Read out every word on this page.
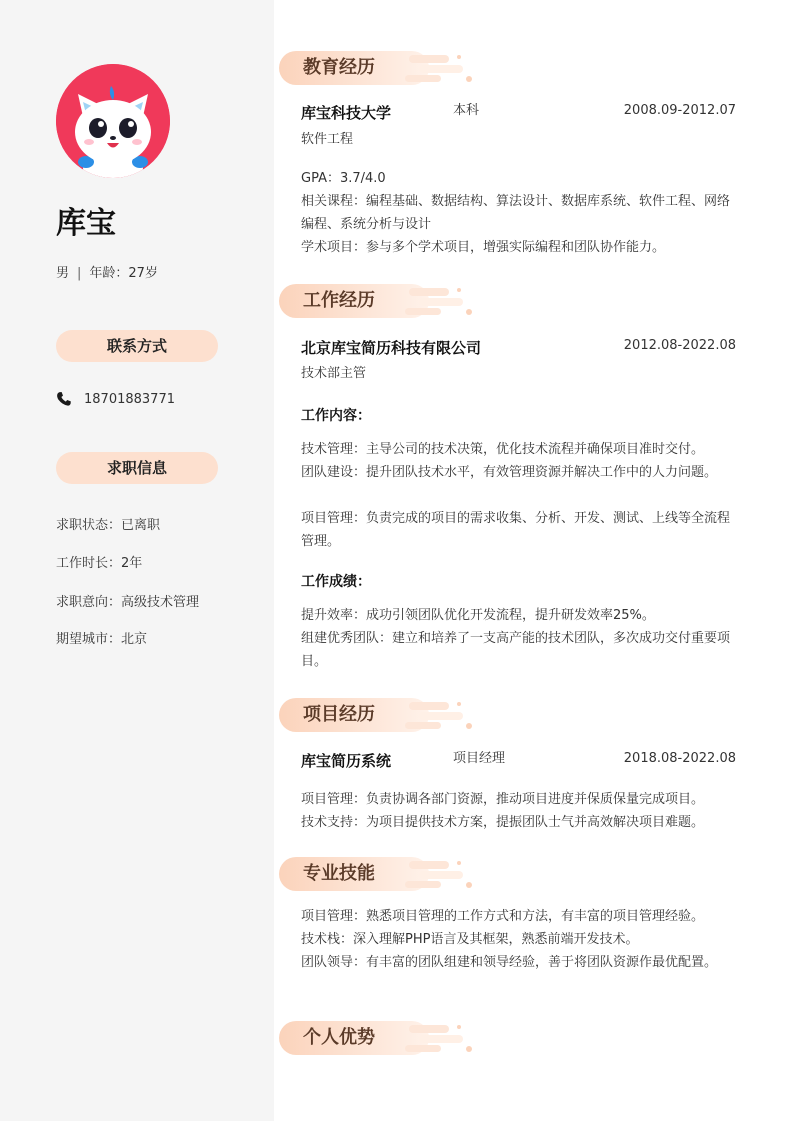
库宝
男 | 年龄：27岁
联系方式
18701883771
求职信息
求职状态：已离职
工作时长：2年
求职意向：高级技术管理
期望城市：北京
教育经历
库宝科技大学	本科	2008.09-2012.07
软件工程
GPA：3.7/4.0
相关课程：编程基础、数据结构、算法设计、数据库系统、软件工程、网络编程、系统分析与设计
学术项目：参与多个学术项目，增强实际编程和团队协作能力。
工作经历
北京库宝简历科技有限公司	2012.08-2022.08
技术部主管
工作内容：
技术管理：主导公司的技术决策，优化技术流程并确保项目准时交付。
团队建设：提升团队技术水平，有效管理资源并解决工作中的人力问题。
项目管理：负责完成的项目的需求收集、分析、开发、测试、上线等全流程管理。
工作成绩：
提升效率：成功引领团队优化开发流程，提升研发效率25%。
组建优秀团队：建立和培养了一支高产能的技术团队，多次成功交付重要项目。
项目经历
库宝简历系统	项目经理	2018.08-2022.08
项目管理：负责协调各部门资源，推动项目进度并保质保量完成项目。
技术支持：为项目提供技术方案，提振团队士气并高效解决项目难题。
专业技能
项目管理：熟悉项目管理的工作方式和方法，有丰富的项目管理经验。
技术栈：深入理解PHP语言及其框架，熟悉前端开发技术。
团队领导：有丰富的团队组建和领导经验，善于将团队资源作最优配置。
个人优势
